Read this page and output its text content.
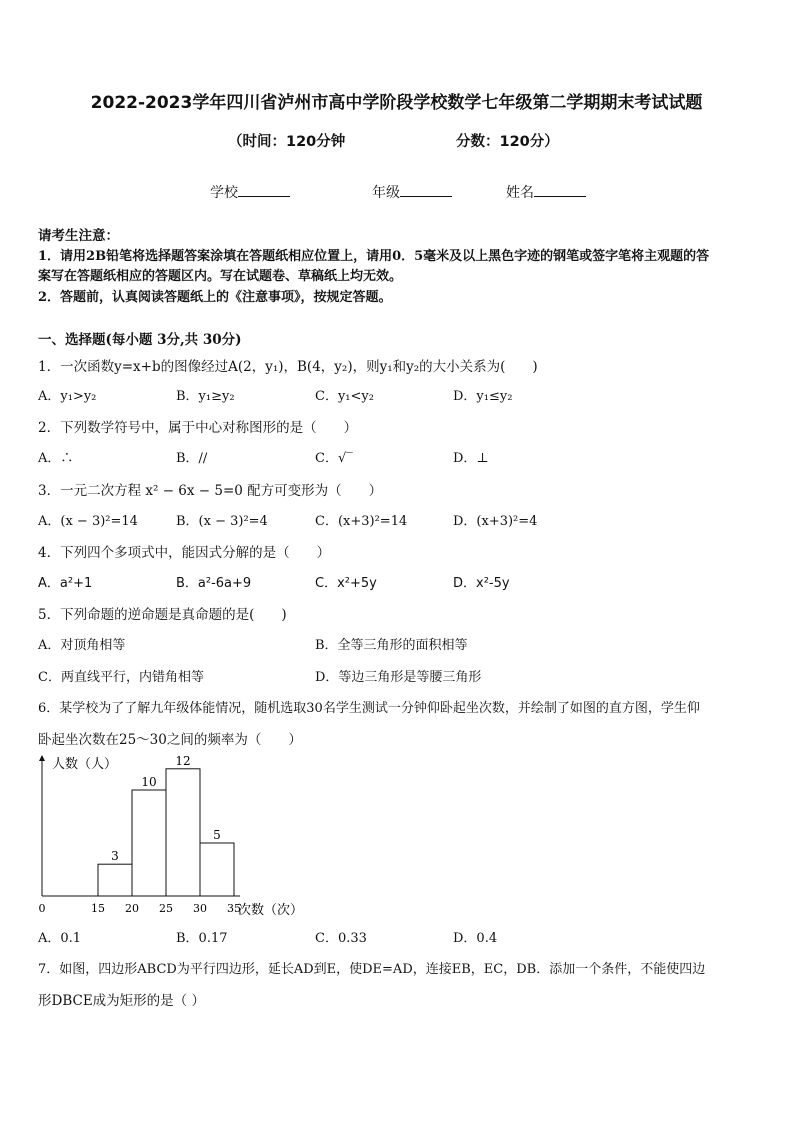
2022-2023学年四川省泸州市高中学阶段学校数学七年级第二学期期末考试试题
（时间：120分钟	分数：120分）
学校	年级	姓名
请考生注意：
1．请用2B铅笔将选择题答案涂填在答题纸相应位置上，请用0．5毫米及以上黑色字迹的钢笔或签字笔将主观题的答
案写在答题纸相应的答题区内。写在试题卷、草稿纸上均无效。
2．答题前，认真阅读答题纸上的《注意事项》，按规定答题。
一、选择题(每小题 3分,共 30分)
1．一次函数y=x+b的图像经过A(2，y₁)，B(4，y₂)，则y₁和y₂的大小关系为(　　)
A．y₁>y₂	B．y₁≥y₂	C．y₁<y₂	D．y₁≤y₂
2．下列数学符号中，属于中心对称图形的是（　　）
A．∴	B．//	C．√‾	D．⊥
3．一元二次方程 x² − 6x − 5=0 配方可变形为（　　）
A．(x − 3)²=14	B．(x − 3)²=4	C．(x+3)²=14	D．(x+3)²=4
4．下列四个多项式中，能因式分解的是（　　）
A．a²+1	B．a²-6a+9	C．x²+5y	D．x²-5y
5．下列命题的逆命题是真命题的是(　　)
A．对顶角相等	B．全等三角形的面积相等
C．两直线平行，内错角相等	D．等边三角形是等腰三角形
6．某学校为了了解九年级体能情况，随机选取30名学生测试一分钟仰卧起坐次数，并绘制了如图的直方图，学生仰
卧起坐次数在25～30之间的频率为（　　）
人数（人）
次数（次）
3
10
12
5
0	15 20 25 30 35
A．0.1	B．0.17	C．0.33	D．0.4
7．如图，四边形ABCD为平行四边形，延长AD到E，使DE=AD，连接EB，EC，DB．添加一个条件，不能使四边
形DBCE成为矩形的是（ ）
